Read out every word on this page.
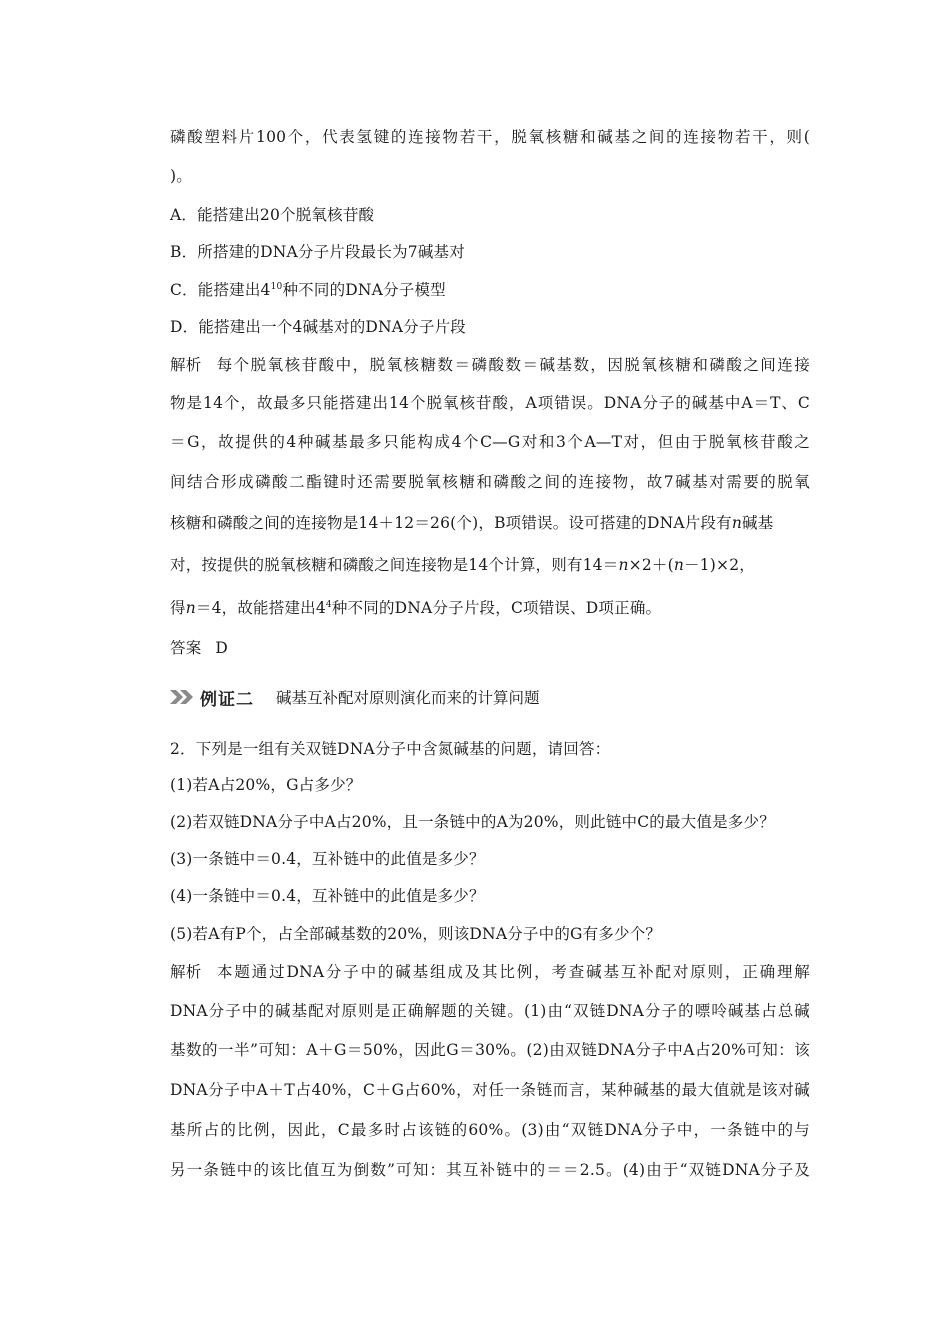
磷酸塑料片100个，代表氢键的连接物若干，脱氧核糖和碱基之间的连接物若干，则(
)。
A．能搭建出20个脱氧核苷酸
B．所搭建的DNA分子片段最长为7碱基对
C．能搭建出$4^{10}$种不同的DNA分子模型
D．能搭建出一个4碱基对的DNA分子片段
解析 每个脱氧核苷酸中，脱氧核糖数＝磷酸数＝碱基数，因脱氧核糖和磷酸之间连接
物是14个，故最多只能搭建出14个脱氧核苷酸，A项错误。DNA分子的碱基中A＝T、C
＝G，故提供的4种碱基最多只能构成4个C—G对和3个A—T对，但由于脱氧核苷酸之
间结合形成磷酸二酯键时还需要脱氧核糖和磷酸之间的连接物，故7碱基对需要的脱氧
核糖和磷酸之间的连接物是14＋12＝26(个)，B项错误。设可搭建的DNA片段有n碱基
对，按提供的脱氧核糖和磷酸之间连接物是14个计算，则有14＝n×2＋(n－1)×2，
得n＝4，故能搭建出$4^4$种不同的DNA分子片段，C项错误、D项正确。
答案 D
例证二 碱基互补配对原则演化而来的计算问题
2．下列是一组有关双链DNA分子中含氮碱基的问题，请回答：
(1)若A占20%，G占多少？
(2)若双链DNA分子中A占20%，且一条链中的A为20%，则此链中C的最大值是多少？
(3)一条链中＝0.4，互补链中的此值是多少？
(4)一条链中＝0.4，互补链中的此值是多少？
(5)若A有P个，占全部碱基数的20%，则该DNA分子中的G有多少个？
解析 本题通过DNA分子中的碱基组成及其比例，考查碱基互补配对原则，正确理解
DNA分子中的碱基配对原则是正确解题的关键。(1)由“双链DNA分子的嘌呤碱基占总碱
基数的一半”可知：A＋G＝50%，因此G＝30%。(2)由双链DNA分子中A占20%可知：该
DNA分子中A＋T占40%，C＋G占60%，对任一条链而言，某种碱基的最大值就是该对碱
基所占的比例，因此，C最多时占该链的60%。(3)由“双链DNA分子中，一条链中的与
另一条链中的该比值互为倒数”可知：其互补链中的＝＝2.5。(4)由于“双链DNA分子及
